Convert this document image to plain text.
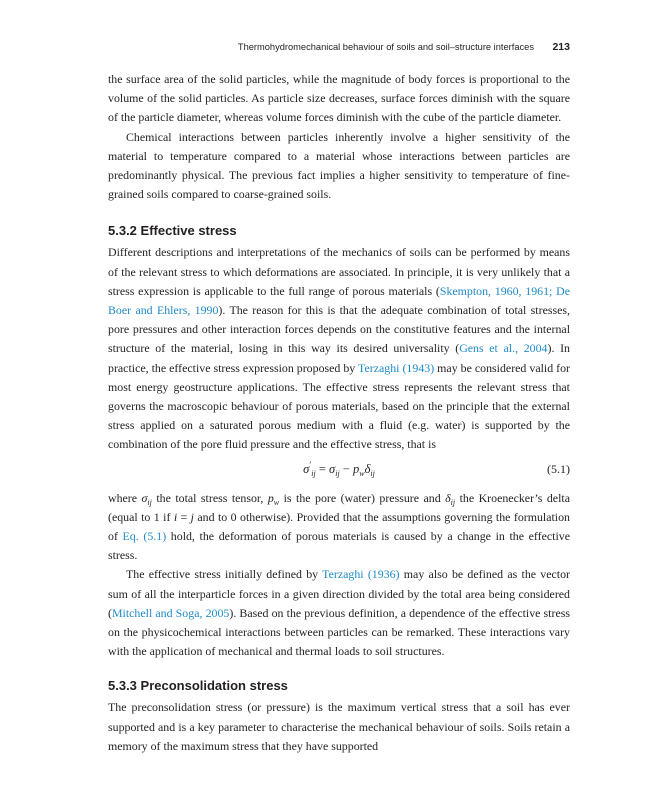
Thermohydromechanical behaviour of soils and soil–structure interfaces 213

the surface area of the solid particles, while the magnitude of body forces is proportional to the volume of the solid particles. As particle size decreases, surface forces diminish with the square of the particle diameter, whereas volume forces diminish with the cube of the particle diameter.

Chemical interactions between particles inherently involve a higher sensitivity of the material to temperature compared to a material whose interactions between particles are predominantly physical. The previous fact implies a higher sensitivity to temperature of fine-grained soils compared to coarse-grained soils.

5.3.2 Effective stress

Different descriptions and interpretations of the mechanics of soils can be performed by means of the relevant stress to which deformations are associated. In principle, it is very unlikely that a stress expression is applicable to the full range of porous materials (Skempton, 1960, 1961; De Boer and Ehlers, 1990). The reason for this is that the adequate combination of total stresses, pore pressures and other interaction forces depends on the constitutive features and the internal structure of the material, losing in this way its desired universality (Gens et al., 2004). In practice, the effective stress expression proposed by Terzaghi (1943) may be considered valid for most energy geostructure applications. The effective stress represents the relevant stress that governs the macroscopic behaviour of porous materials, based on the principle that the external stress applied on a saturated porous medium with a fluid (e.g. water) is supported by the combination of the pore fluid pressure and the effective stress, that is

$\sigma'_{ij} = \sigma_{ij} - p_w\delta_{ij}$	(5.1)

where $\sigma_{ij}$ the total stress tensor, $p_w$ is the pore (water) pressure and $\delta_{ij}$ the Kroenecker’s delta (equal to 1 if i = j and to 0 otherwise). Provided that the assumptions governing the formulation of Eq. (5.1) hold, the deformation of porous materials is caused by a change in the effective stress.

The effective stress initially defined by Terzaghi (1936) may also be defined as the vector sum of all the interparticle forces in a given direction divided by the total area being considered (Mitchell and Soga, 2005). Based on the previous definition, a dependence of the effective stress on the physicochemical interactions between particles can be remarked. These interactions vary with the application of mechanical and thermal loads to soil structures.

5.3.3 Preconsolidation stress

The preconsolidation stress (or pressure) is the maximum vertical stress that a soil has ever supported and is a key parameter to characterise the mechanical behaviour of soils. Soils retain a memory of the maximum stress that they have supported
